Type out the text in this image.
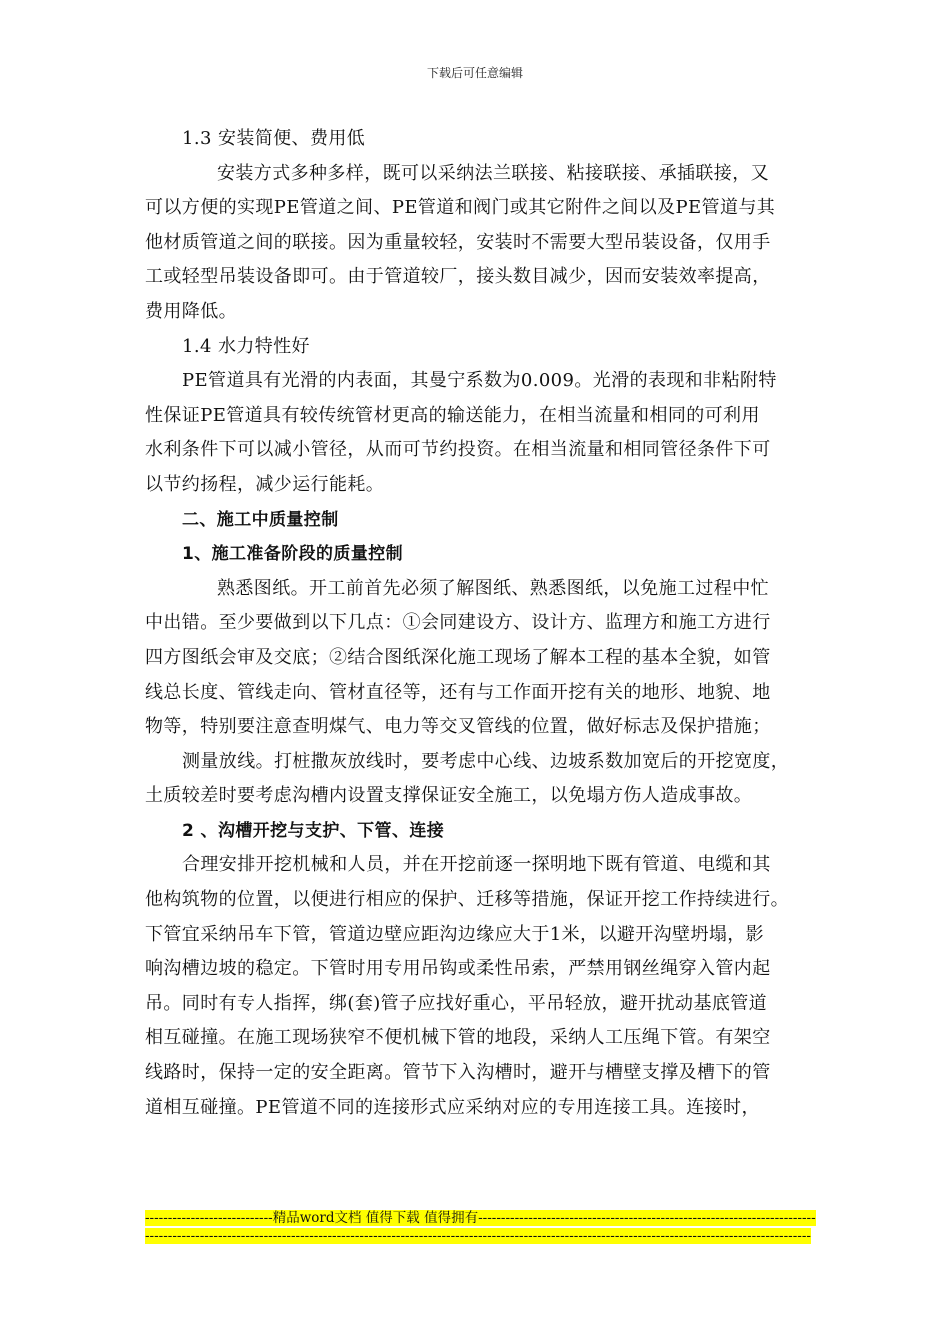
下载后可任意编辑
1.3 安装简便、费用低
安装方式多种多样，既可以采纳法兰联接、粘接联接、承插联接，又
可以方便的实现PE管道之间、PE管道和阀门或其它附件之间以及PE管道与其
他材质管道之间的联接。因为重量较轻，安装时不需要大型吊装设备，仅用手
工或轻型吊装设备即可。由于管道较厂，接头数目减少，因而安装效率提高，
费用降低。
1.4 水力特性好
PE管道具有光滑的内表面，其曼宁系数为0.009。光滑的表现和非粘附特
性保证PE管道具有较传统管材更高的输送能力，在相当流量和相同的可利用
水利条件下可以减小管径，从而可节约投资。在相当流量和相同管径条件下可
以节约扬程，减少运行能耗。
二、施工中质量控制
1、施工准备阶段的质量控制
熟悉图纸。开工前首先必须了解图纸、熟悉图纸，以免施工过程中忙
中出错。至少要做到以下几点：①会同建设方、设计方、监理方和施工方进行
四方图纸会审及交底；②结合图纸深化施工现场了解本工程的基本全貌，如管
线总长度、管线走向、管材直径等，还有与工作面开挖有关的地形、地貌、地
物等，特别要注意查明煤气、电力等交叉管线的位置，做好标志及保护措施；
测量放线。打桩撒灰放线时，要考虑中心线、边坡系数加宽后的开挖宽度，
土质较差时要考虑沟槽内设置支撑保证安全施工，以免塌方伤人造成事故。
2 、沟槽开挖与支护、下管、连接
合理安排开挖机械和人员，并在开挖前逐一探明地下既有管道、电缆和其
他构筑物的位置，以便进行相应的保护、迁移等措施，保证开挖工作持续进行。
下管宜采纳吊车下管，管道边壁应距沟边缘应大于1米，以避开沟壁坍塌，影
响沟槽边坡的稳定。下管时用专用吊钩或柔性吊索，严禁用钢丝绳穿入管内起
吊。同时有专人指挥，绑(套)管子应找好重心，平吊轻放，避开扰动基底管道
相互碰撞。在施工现场狭窄不便机械下管的地段，采纳人工压绳下管。有架空
线路时，保持一定的安全距离。管节下入沟槽时，避开与槽壁支撑及槽下的管
道相互碰撞。PE管道不同的连接形式应采纳对应的专用连接工具。连接时，
----------------------------精品word文档 值得下载 值得拥有----------------------------------------------------------------------------------------------------------------------------------------------------------------------------------------------------------------------------
